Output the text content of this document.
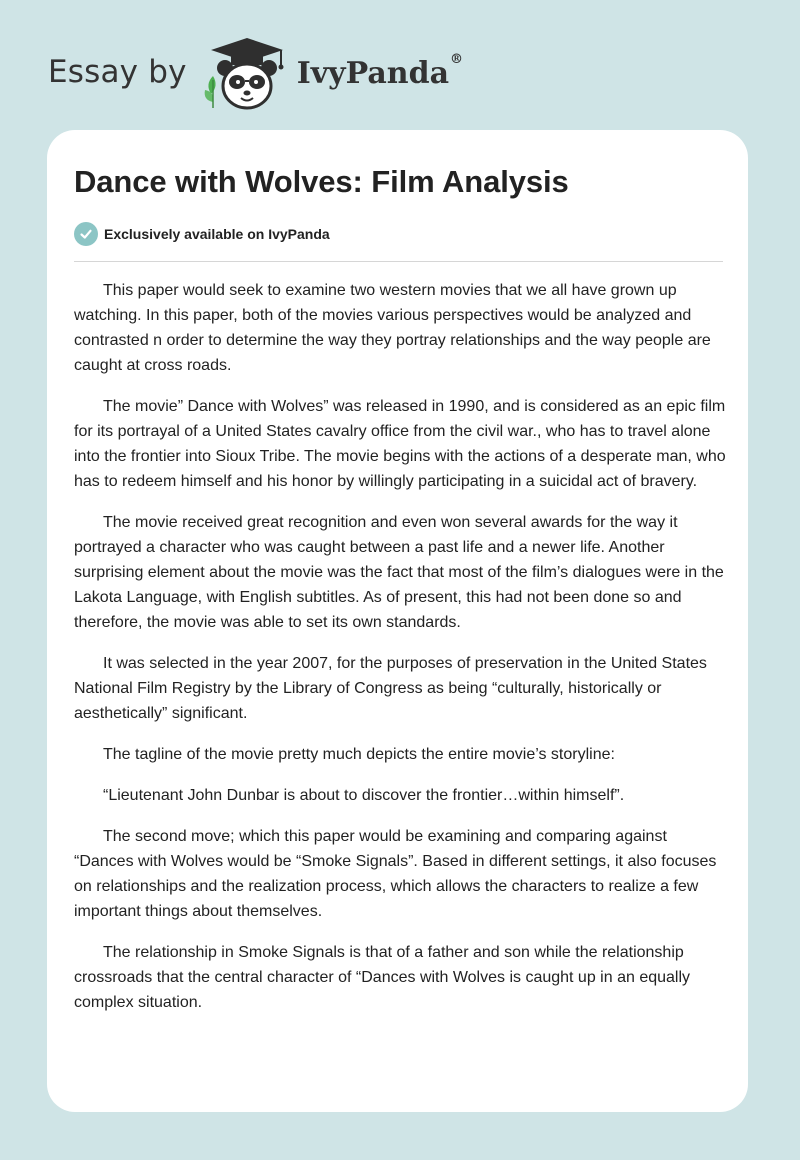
Essay by	IvyPanda®
Dance with Wolves: Film Analysis
Exclusively available on IvyPanda

This paper would seek to examine two western movies that we all have grown up watching. In this paper, both of the movies various perspectives would be analyzed and contrasted n order to determine the way they portray relationships and the way people are caught at cross roads.

The movie” Dance with Wolves” was released in 1990, and is considered as an epic film for its portrayal of a United States cavalry office from the civil war., who has to travel alone into the frontier into Sioux Tribe. The movie begins with the actions of a desperate man, who has to redeem himself and his honor by willingly participating in a suicidal act of bravery.

The movie received great recognition and even won several awards for the way it portrayed a character who was caught between a past life and a newer life. Another surprising element about the movie was the fact that most of the film’s dialogues were in the Lakota Language, with English subtitles. As of present, this had not been done so and therefore, the movie was able to set its own standards.

It was selected in the year 2007, for the purposes of preservation in the United States National Film Registry by the Library of Congress as being “culturally, historically or aesthetically” significant.

The tagline of the movie pretty much depicts the entire movie’s storyline:

“Lieutenant John Dunbar is about to discover the frontier…within himself”.

The second move; which this paper would be examining and comparing against “Dances with Wolves would be “Smoke Signals”. Based in different settings, it also focuses on relationships and the realization process, which allows the characters to realize a few important things about themselves.

The relationship in Smoke Signals is that of a father and son while the relationship crossroads that the central character of “Dances with Wolves is caught up in an equally complex situation.
